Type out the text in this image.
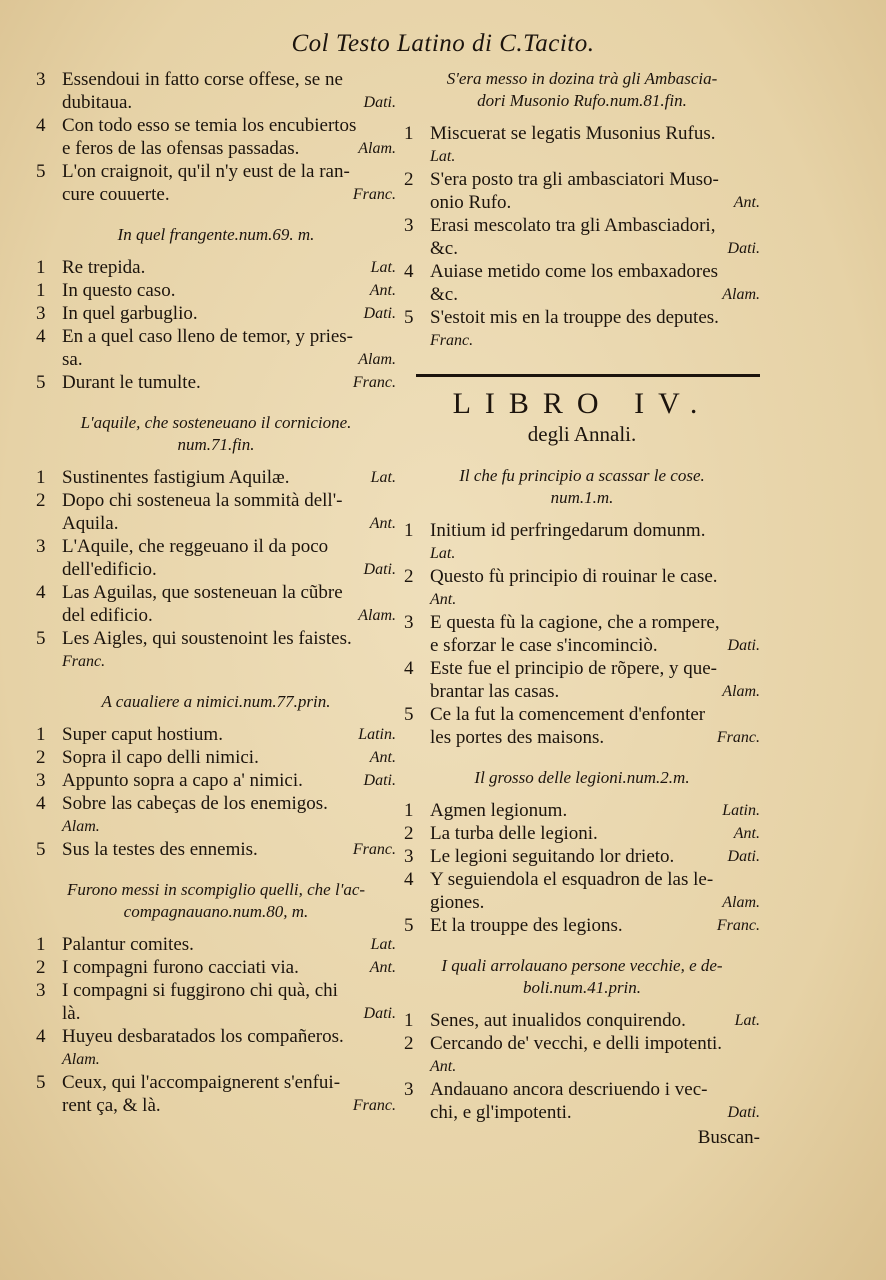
Col Testo Latino di C.Tacito.
3 Essendoui in fatto corse offese, se ne
dubitaua.	Dati.
4 Con todo esso se temia los encubiertos
e feros de las ofensas passadas.	Alam.
5 L'on craignoit, qu'il n'y eust de la ran-
cure couuerte.	Franc.
In quel frangente.num.69. m.
1 Re trepida.	Lat.
1 In questo caso.	Ant.
3 In quel garbuglio.	Dati.
4 En a quel caso lleno de temor, y pries-
sa.	Alam.
5 Durant le tumulte.	Franc.
L'aquile, che sosteneuano il cornicione.
num.71.fin.
1 Sustinentes fastigium Aquilæ.	Lat.
2 Dopo chi sosteneua la sommità dell'-
Aquila.	Ant.
3 L'Aquile, che reggeuano il da poco
dell'edificio.	Dati.
4 Las Aguilas, que sosteneuan la cũbre
del edificio.	Alam.
5 Les Aigles, qui soustenoint les faistes.
Franc.
A caualiere a nimici.num.77.prin.
1 Super caput hostium.	Latin.
2 Sopra il capo delli nimici.	Ant.
3 Appunto sopra a capo a' nimici.	Dati.
4 Sobre las cabeças de los enemigos.
Alam.
5 Sus la testes des ennemis.	Franc.
Furono messi in scompiglio quelli, che l'ac-
compagnauano.num.80, m.
1 Palantur comites.	Lat.
2 I compagni furono cacciati via.	Ant.
3 I compagni si fuggirono chi quà, chi
là.	Dati.
4 Huyeu desbaratados los compañeros.
Alam.
5 Ceux, qui l'accompaignerent s'enfui-
rent ça, & là.	Franc.
S'era messo in dozina trà gli Ambascia-
dori Musonio Rufo.num.81.fin.
1 Miscuerat se legatis Musonius Rufus.
Lat.
2 S'era posto tra gli ambasciatori Muso-
onio Rufo.	Ant.
3 Erasi mescolato tra gli Ambasciadori,
&c.	Dati.
4 Auiase metido come los embaxadores
&c.	Alam.
5 S'estoit mis en la trouppe des deputes.
Franc.
LIBRO IV.
degli Annali.
Il che fu principio a scassar le cose.
num.1.m.
1 Initium id perfringedarum domunm.
Lat.
2 Questo fù principio di rouinar le case.
Ant.
3 E questa fù la cagione, che a rompere,
e sforzar le case s'incominciò.	Dati.
4 Este fue el principio de rõpere, y que-
brantar las casas.	Alam.
5 Ce la fut la comencement d'enfonter
les portes des maisons.	Franc.
Il grosso delle legioni.num.2.m.
1 Agmen legionum.	Latin.
2 La turba delle legioni.	Ant.
3 Le legioni seguitando lor drieto.	Dati.
4 Y seguiendola el esquadron de las le-
giones.	Alam.
5 Et la trouppe des legions.	Franc.
I quali arrolauano persone vecchie, e de-
boli.num.41.prin.
1 Senes, aut inualidos conquirendo.	Lat.
2 Cercando de' vecchi, e delli impotenti.
Ant.
3 Andauano ancora descriuendo i vec-
chi, e gl'impotenti.	Dati.
Buscan-
